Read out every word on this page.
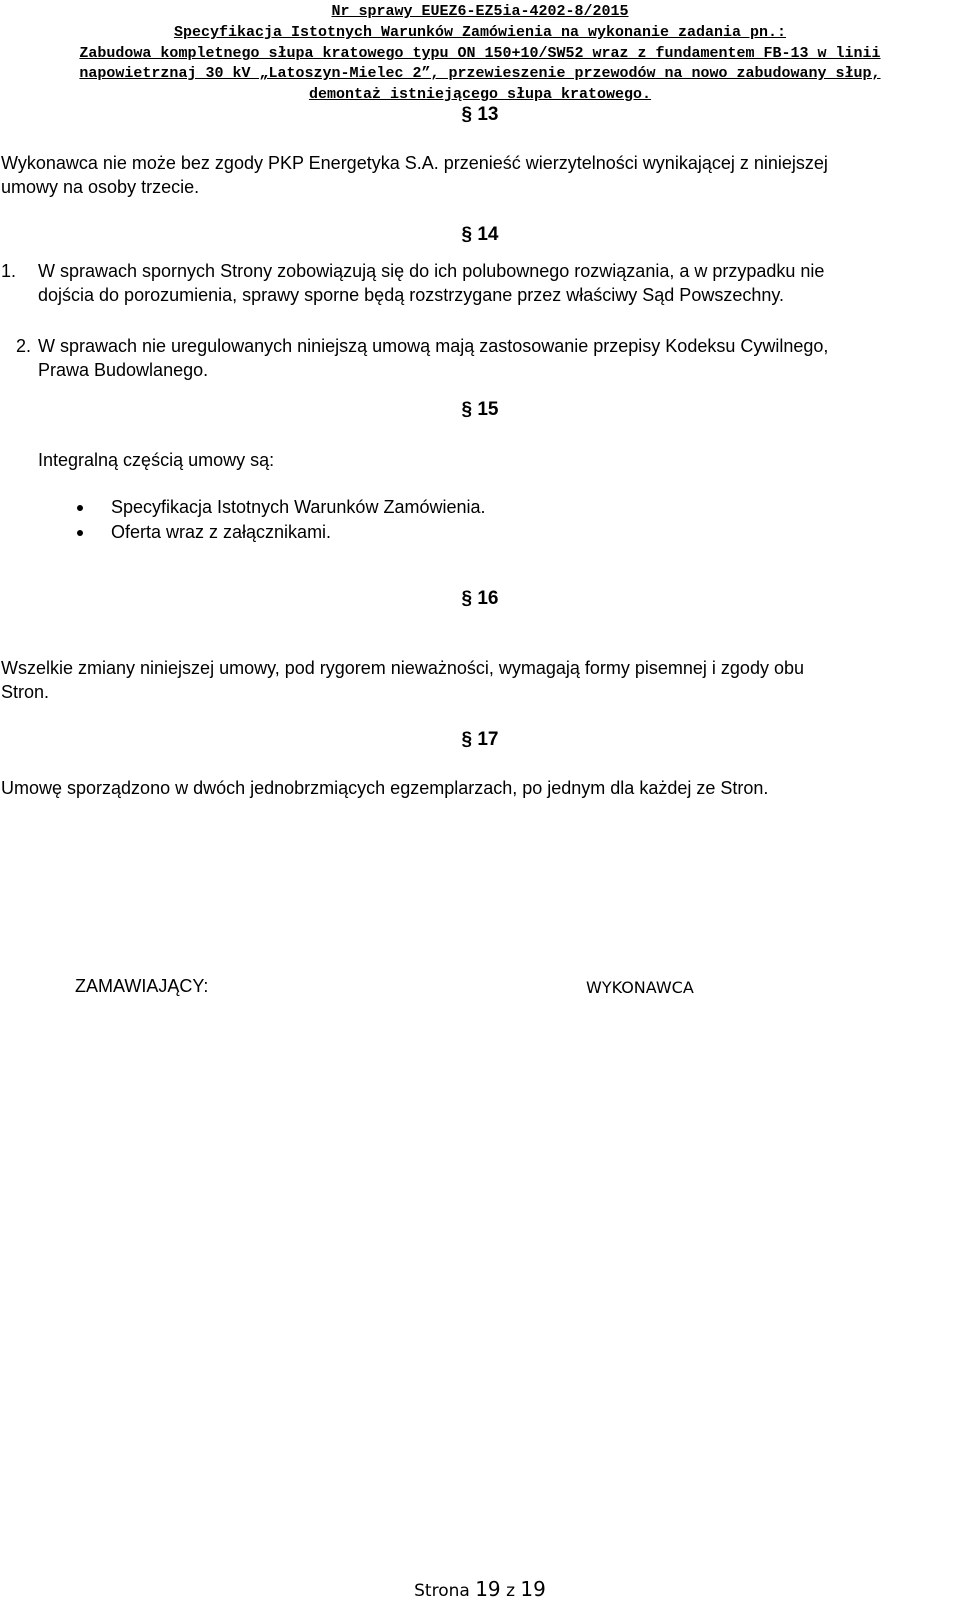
Nr sprawy EUEZ6-EZ5ia-4202-8/2015
Specyfikacja Istotnych Warunków Zamówienia na wykonanie zadania pn.:
Zabudowa kompletnego słupa kratowego typu ON 150+10/SW52 wraz z fundamentem FB-13 w linii
napowietrznaj 30 kV „Latoszyn-Mielec 2”, przewieszenie przewodów na nowo zabudowany słup,
demontaż istniejącego słupa kratowego.
§ 13
Wykonawca nie może bez zgody PKP Energetyka S.A. przenieść wierzytelności wynikającej z niniejszej
umowy na osoby trzecie.
§ 14
1. W sprawach spornych Strony zobowiązują się do ich polubownego rozwiązania, a w przypadku nie
dojścia do porozumienia, sprawy sporne będą rozstrzygane przez właściwy Sąd Powszechny.
2. W sprawach nie uregulowanych niniejszą umową mają zastosowanie przepisy Kodeksu Cywilnego,
Prawa Budowlanego.
§ 15
Integralną częścią umowy są:
Specyfikacja Istotnych Warunków Zamówienia.
Oferta wraz z załącznikami.
§ 16
Wszelkie zmiany niniejszej umowy, pod rygorem nieważności, wymagają formy pisemnej i zgody obu
Stron.
§ 17
Umowę sporządzono w dwóch jednobrzmiących egzemplarzach, po jednym dla każdej ze Stron.
ZAMAWIAJĄCY:	WYKONAWCA
Strona 19 z 19
